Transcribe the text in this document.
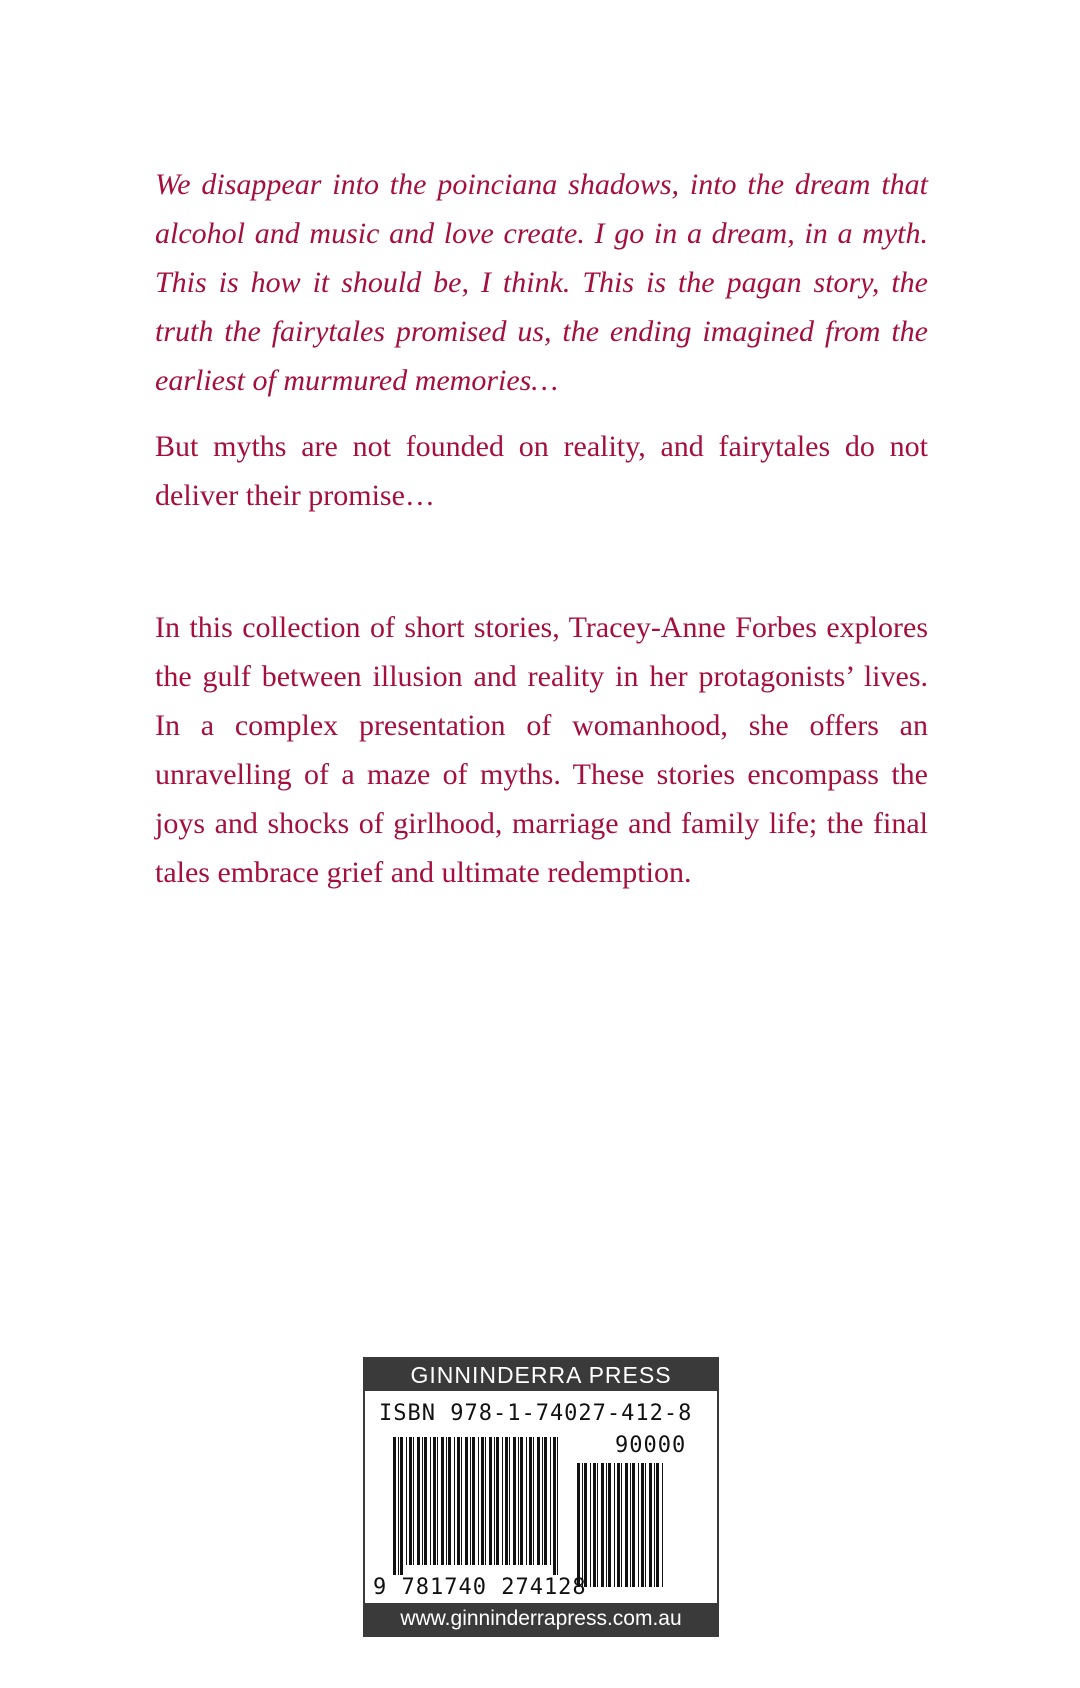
We disappear into the poinciana shadows, into the dream that alcohol and music and love create. I go in a dream, in a myth. This is how it should be, I think. This is the pagan story, the truth the fairytales promised us, the ending imagined from the earliest of murmured memories…

But myths are not founded on reality, and fairytales do not deliver their promise…

In this collection of short stories, Tracey-Anne Forbes explores the gulf between illusion and reality in her protagonists’ lives. In a complex presentation of womanhood, she offers an unravelling of a maze of myths. These stories encompass the joys and shocks of girlhood, marriage and family life; the final tales embrace grief and ultimate redemption.

GINNINDERRA PRESS
ISBN 978-1-74027-412-8
90000
9 781740 274128
www.ginninderrapress.com.au
